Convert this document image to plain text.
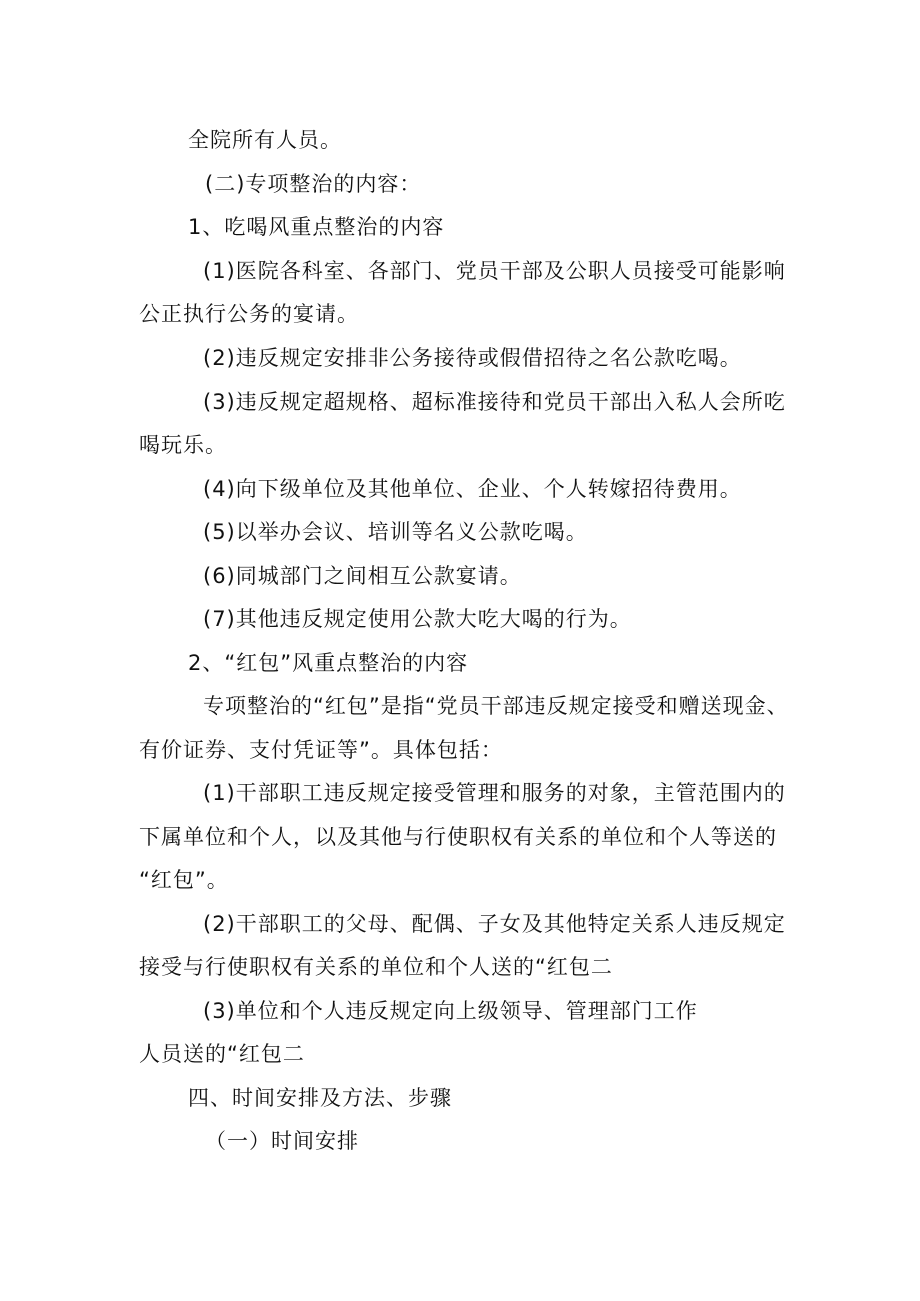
全院所有人员。
(二)专项整治的内容：
1、吃喝风重点整治的内容
(1)医院各科室、各部门、党员干部及公职人员接受可能影响
公正执行公务的宴请。
(2)违反规定安排非公务接待或假借招待之名公款吃喝。
(3)违反规定超规格、超标准接待和党员干部出入私人会所吃
喝玩乐。
(4)向下级单位及其他单位、企业、个人转嫁招待费用。
(5)以举办会议、培训等名义公款吃喝。
(6)同城部门之间相互公款宴请。
(7)其他违反规定使用公款大吃大喝的行为。
2、“红包”风重点整治的内容
专项整治的“红包”是指“党员干部违反规定接受和赠送现金、
有价证券、支付凭证等”。具体包括：
(1)干部职工违反规定接受管理和服务的对象，主管范围内的
下属单位和个人，以及其他与行使职权有关系的单位和个人等送的
“红包”。
(2)干部职工的父母、配偶、子女及其他特定关系人违反规定
接受与行使职权有关系的单位和个人送的“红包二
(3)单位和个人违反规定向上级领导、管理部门工作
人员送的“红包二
四、时间安排及方法、步骤
（一）时间安排
